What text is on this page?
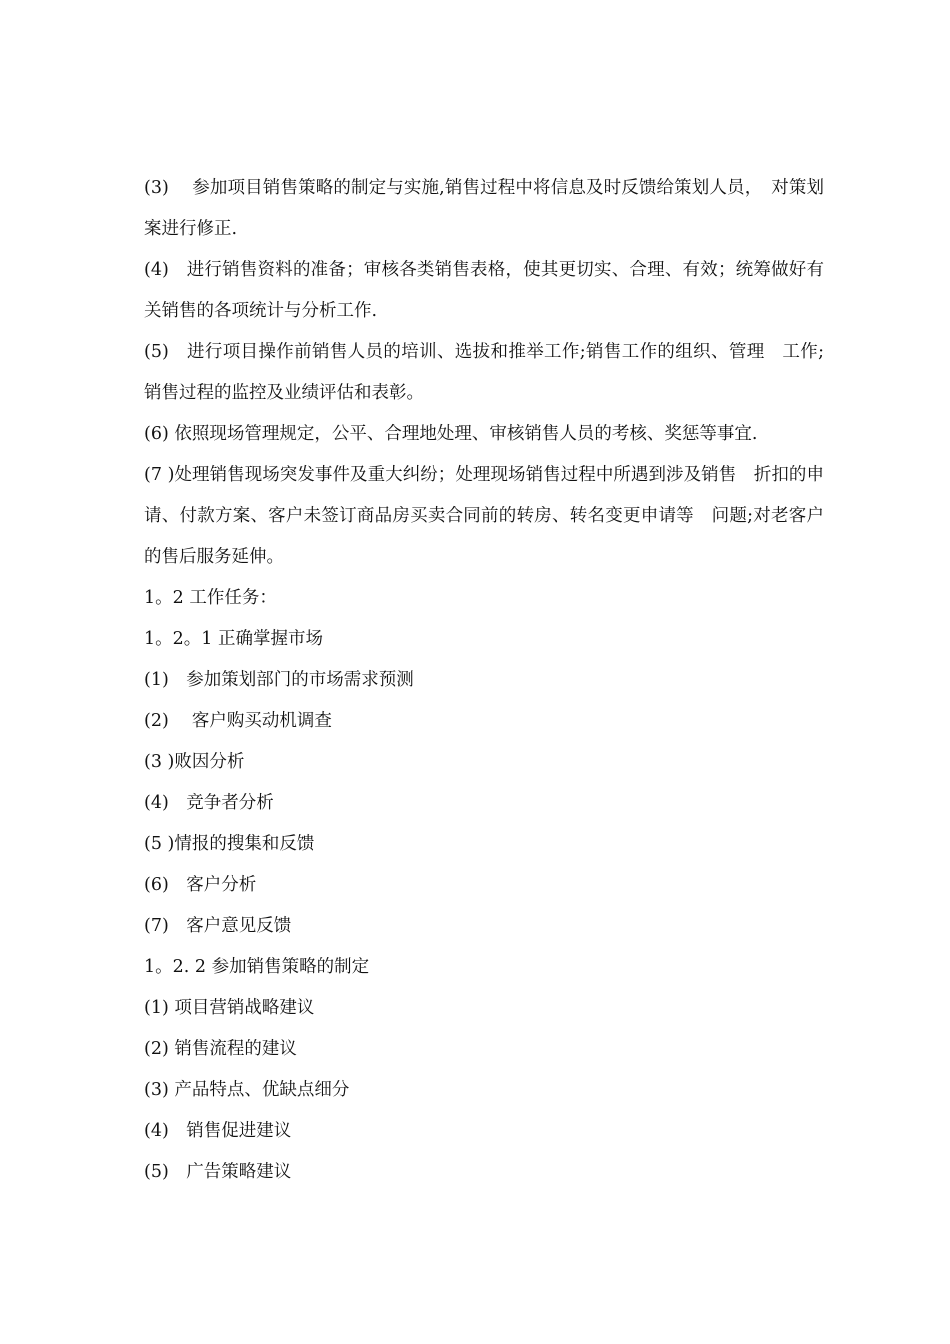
(3)　 参加项目销售策略的制定与实施,销售过程中将信息及时反馈给策划人员，　对策划案进行修正.

(4)　进行销售资料的准备；审核各类销售表格，使其更切实、合理、有效；统筹做好有关销售的各项统计与分析工作.

(5)　进行项目操作前销售人员的培训、选拔和推举工作;销售工作的组织、管理　工作;销售过程的监控及业绩评估和表彰。

(6) 依照现场管理规定，公平、合理地处理、审核销售人员的考核、奖惩等事宜.

(7 )处理销售现场突发事件及重大纠纷；处理现场销售过程中所遇到涉及销售　折扣的申请、付款方案、客户未签订商品房买卖合同前的转房、转名变更申请等　问题;对老客户的售后服务延伸。

1。2 工作任务：

1。2。1 正确掌握市场

(1)　参加策划部门的市场需求预测

(2)　 客户购买动机调查

(3 )败因分析

(4)　竞争者分析

(5 )情报的搜集和反馈

(6)　客户分析

(7)　客户意见反馈

1。2. 2 参加销售策略的制定

(1) 项目营销战略建议

(2) 销售流程的建议

(3) 产品特点、优缺点细分

(4)　销售促进建议

(5)　广告策略建议
